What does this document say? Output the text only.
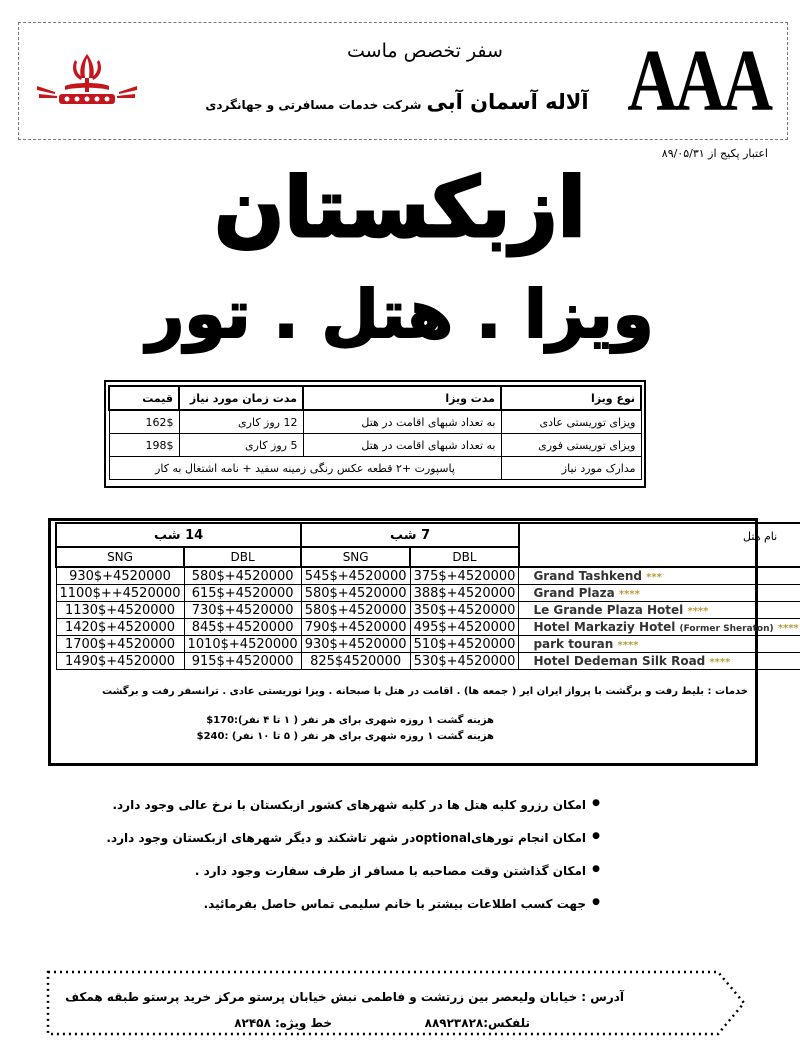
سفر تخصص ماست
آلاله آسمان آبی شرکت خدمات مسافرتی و جهانگردی	AAA
اعتبار پکیج از ۸۹/۰۵/۳۱
ازبکستان
ویزا . هتل . تور
نوع ویزا	مدت ویزا	مدت زمان مورد نیاز	قیمت
ویزای توریستی عادی	به تعداد شبهای اقامت در هتل	12 روز کاری	162$
ویزای توریستی فوری	به تعداد شبهای اقامت در هتل	5 روز کاری	198$
مدارک مورد نیاز	پاسپورت +۲ قطعه عکس رنگی زمینه سفید + نامه اشتغال به کار		
14 شب		7 شب		نام هتل
SNG	DBL	SNG	DBL	
930$+4520000	580$+4520000	545$+4520000	375$+4520000	Grand Tashkend ***
1100$++4520000	615$+4520000	580$+4520000	388$+4520000	Grand Plaza ****
1130$+4520000	730$+4520000	580$+4520000	350$+4520000	Le Grande Plaza Hotel ****
1420$+4520000	845$+4520000	790$+4520000	495$+4520000	Hotel Markaziy Hotel (Former Sheraton) ****
1700$+4520000	1010$+4520000	930$+4520000	510$+4520000	park touran ****
1490$+4520000	915$+4520000	825$4520000	530$+4520000	Hotel Dedeman Silk Road ****
خدمات : بلیط رفت و برگشت با پرواز ایران ایر ( جمعه ها) . اقامت در هتل با صبحانه . ویزا توریستی عادی . ترانسفر رفت و برگشت
هزینه گشت ۱ روزه شهری برای هر نفر ( ۱ تا ۴ نفر):170$
هزینه گشت ۱ روزه شهری برای هر نفر ( ۵ تا ۱۰ نفر) :240$
● امکان رزرو کلیه هتل ها در کلیه شهرهای کشور ازبکستان با نرخ عالی وجود دارد.
● امکان انجام تورهایoptionalدر شهر تاشکند و دیگر شهرهای ازبکستان وجود دارد.
● امکان گذاشتن وقت مصاحبه با مسافر از طرف سفارت وجود دارد .
● جهت کسب اطلاعات بیشتر با خانم سلیمی تماس حاصل بفرمائید.
آدرس : خیابان ولیعصر بین زرتشت و فاطمی نبش خیابان پرستو مرکز خرید پرستو طبقه همکف
تلفکس:۸۸۹۲۳۸۲۸
خط ویژه: ۸۲۴۵۸
